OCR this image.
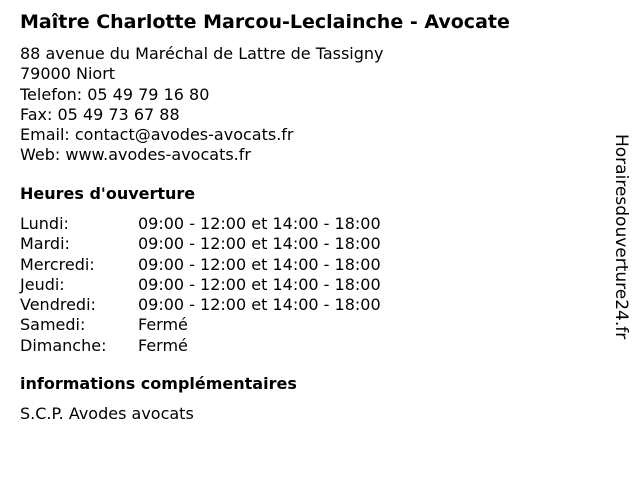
Maître Charlotte Marcou-Leclainche - Avocate
88 avenue du Maréchal de Lattre de Tassigny
79000 Niort
Telefon: 05 49 79 16 80
Fax: 05 49 73 67 88
Email: contact@avodes-avocats.fr
Web: www.avodes-avocats.fr
Heures d'ouverture
Lundi:	09:00 - 12:00 et 14:00 - 18:00
Mardi:	09:00 - 12:00 et 14:00 - 18:00
Mercredi:	09:00 - 12:00 et 14:00 - 18:00
Jeudi:	09:00 - 12:00 et 14:00 - 18:00
Vendredi:	09:00 - 12:00 et 14:00 - 18:00
Samedi:	Fermé
Dimanche:	Fermé
informations complémentaires
S.C.P. Avodes avocats
Horairesdouverture24.fr
